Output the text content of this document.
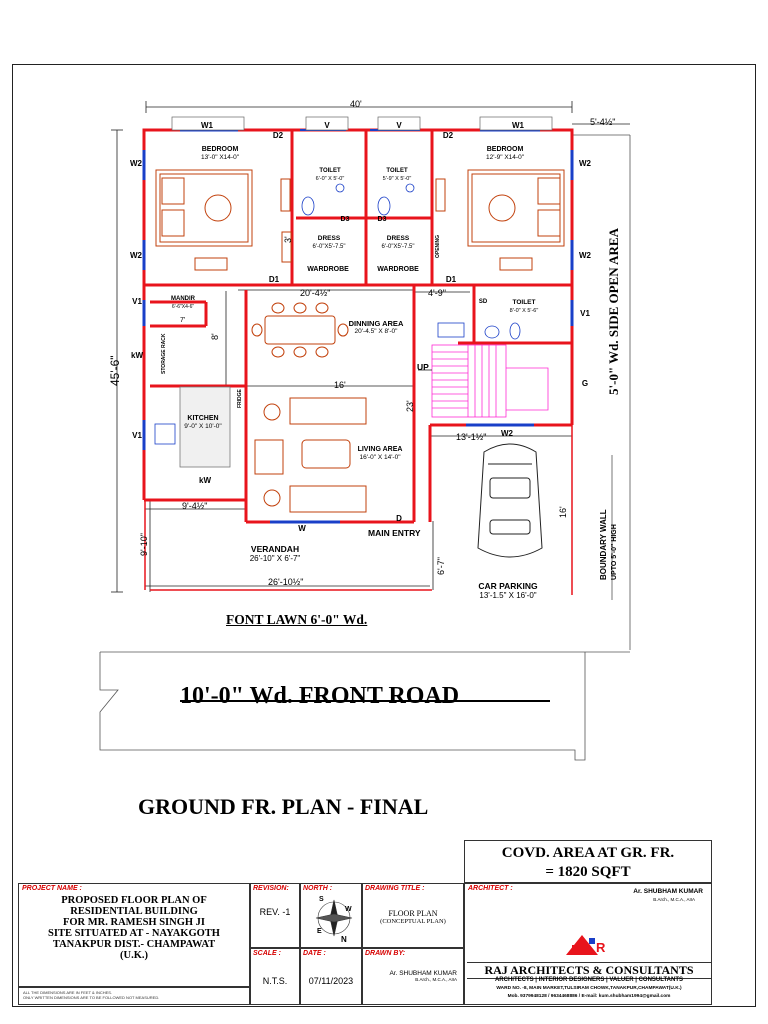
40'
5'-4½"
45'-6"	5'-0" Wd. SIDE OPEN AREA
BOUNDARY WALL UPTO 5'-0" HIGH
W1	W1
V	V
D2	D2
D3	D3
D1	D1
W2
W2
W2
W2
W2
V1
V1
V1
kW
kW
G
D
W
SD
BEDROOM
13'-0" X14-0"
BEDROOM
12'-9" X14-0"
TOILET
6'-0" X 5'-0"
TOILET
5'-9" X 5'-0"
DRESS
6'-0"X5'-7.5"
DRESS
6'-0"X5'-7.5"
WARDROBE	WARDROBE
TOILET
8'-0" X 5'-6"
MANDIR
6'-6"X4-6"
DINNING AREA
20'-4.5" X 8'-0"
KITCHEN
9'-0" X 10'-0"
LIVING AREA
16'-0" X 14'-0"
VERANDAH
26'-10" X 6'-7"
CAR PARKING
13'-1.5" X 16'-0"
STORAGE RACK
OPENING
MAIN ENTRY
UP
FRIDGE
20'-4½"	4'-9"
16'
23'
8'
3'
9'-4½"
13'-1½"
16'
9'-10"
6'-7"
26'-10½"
7'
FONT LAWN 6'-0" Wd.
10'-0" Wd. FRONT ROAD
GROUND FR. PLAN - FINAL
COVD. AREA AT GR. FR.
= 1820 SQFT
PROJECT NAME :
PROPOSED FLOOR PLAN OF
RESIDENTIAL BUILDING
FOR MR. RAMESH SINGH JI
SITE SITUATED AT - NAYAKGOTH
TANAKPUR DIST.- CHAMPAWAT
(U.K.)
ALL THE DIMENSIONS ARE IN FEET & INCHES.
ONLY WRITTEN DIMENSIONS ARE TO BE FOLLOWED NOT MEASURED.
REVISION:
REV. -1
NORTH :
E
W
S
N
SCALE :
N.T.S.
DATE :
07/11/2023
DRAWING TITLE :
FLOOR PLAN
(CONCEPTUAL PLAN)
DRAWN BY:
Ar. SHUBHAM KUMAR
B.Arch., M.C.A., AIIA
ARCHITECT :	Ar. SHUBHAM KUMAR
B.Arch., M.C.A., AIIA
R
RAJ ARCHITECTS & CONSULTANTS
ARCHITECTS | INTERIOR DESIGNERS | VALUER | CONSULTANTS
WARD NO. -8, MAIN MARKET,TULSIRAM CHOWK,TANAKPUR,CHAMPAWAT(U.K.)
Mob. 9379948128 / 9634468886 / E-mail: kum.shubham1994@gmail.com
